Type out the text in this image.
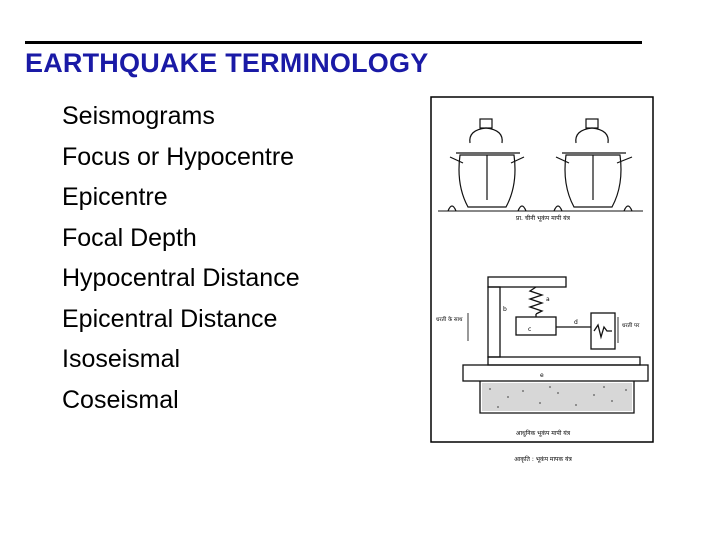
EARTHQUAKE TERMINOLOGY
Seismograms
Focus or Hypocentre
Epicentre
Focal Depth
Hypocentral Distance
Epicentral Distance
Isoseismal
Coseismal
प्रा. चीनी भूकंप मापी यंत्र
धरती के साथ
धरती पर
a
b
c
d
e
आधुनिक भूकंप मापी यंत्र
आकृति : भूकंप मापक यंत्र
